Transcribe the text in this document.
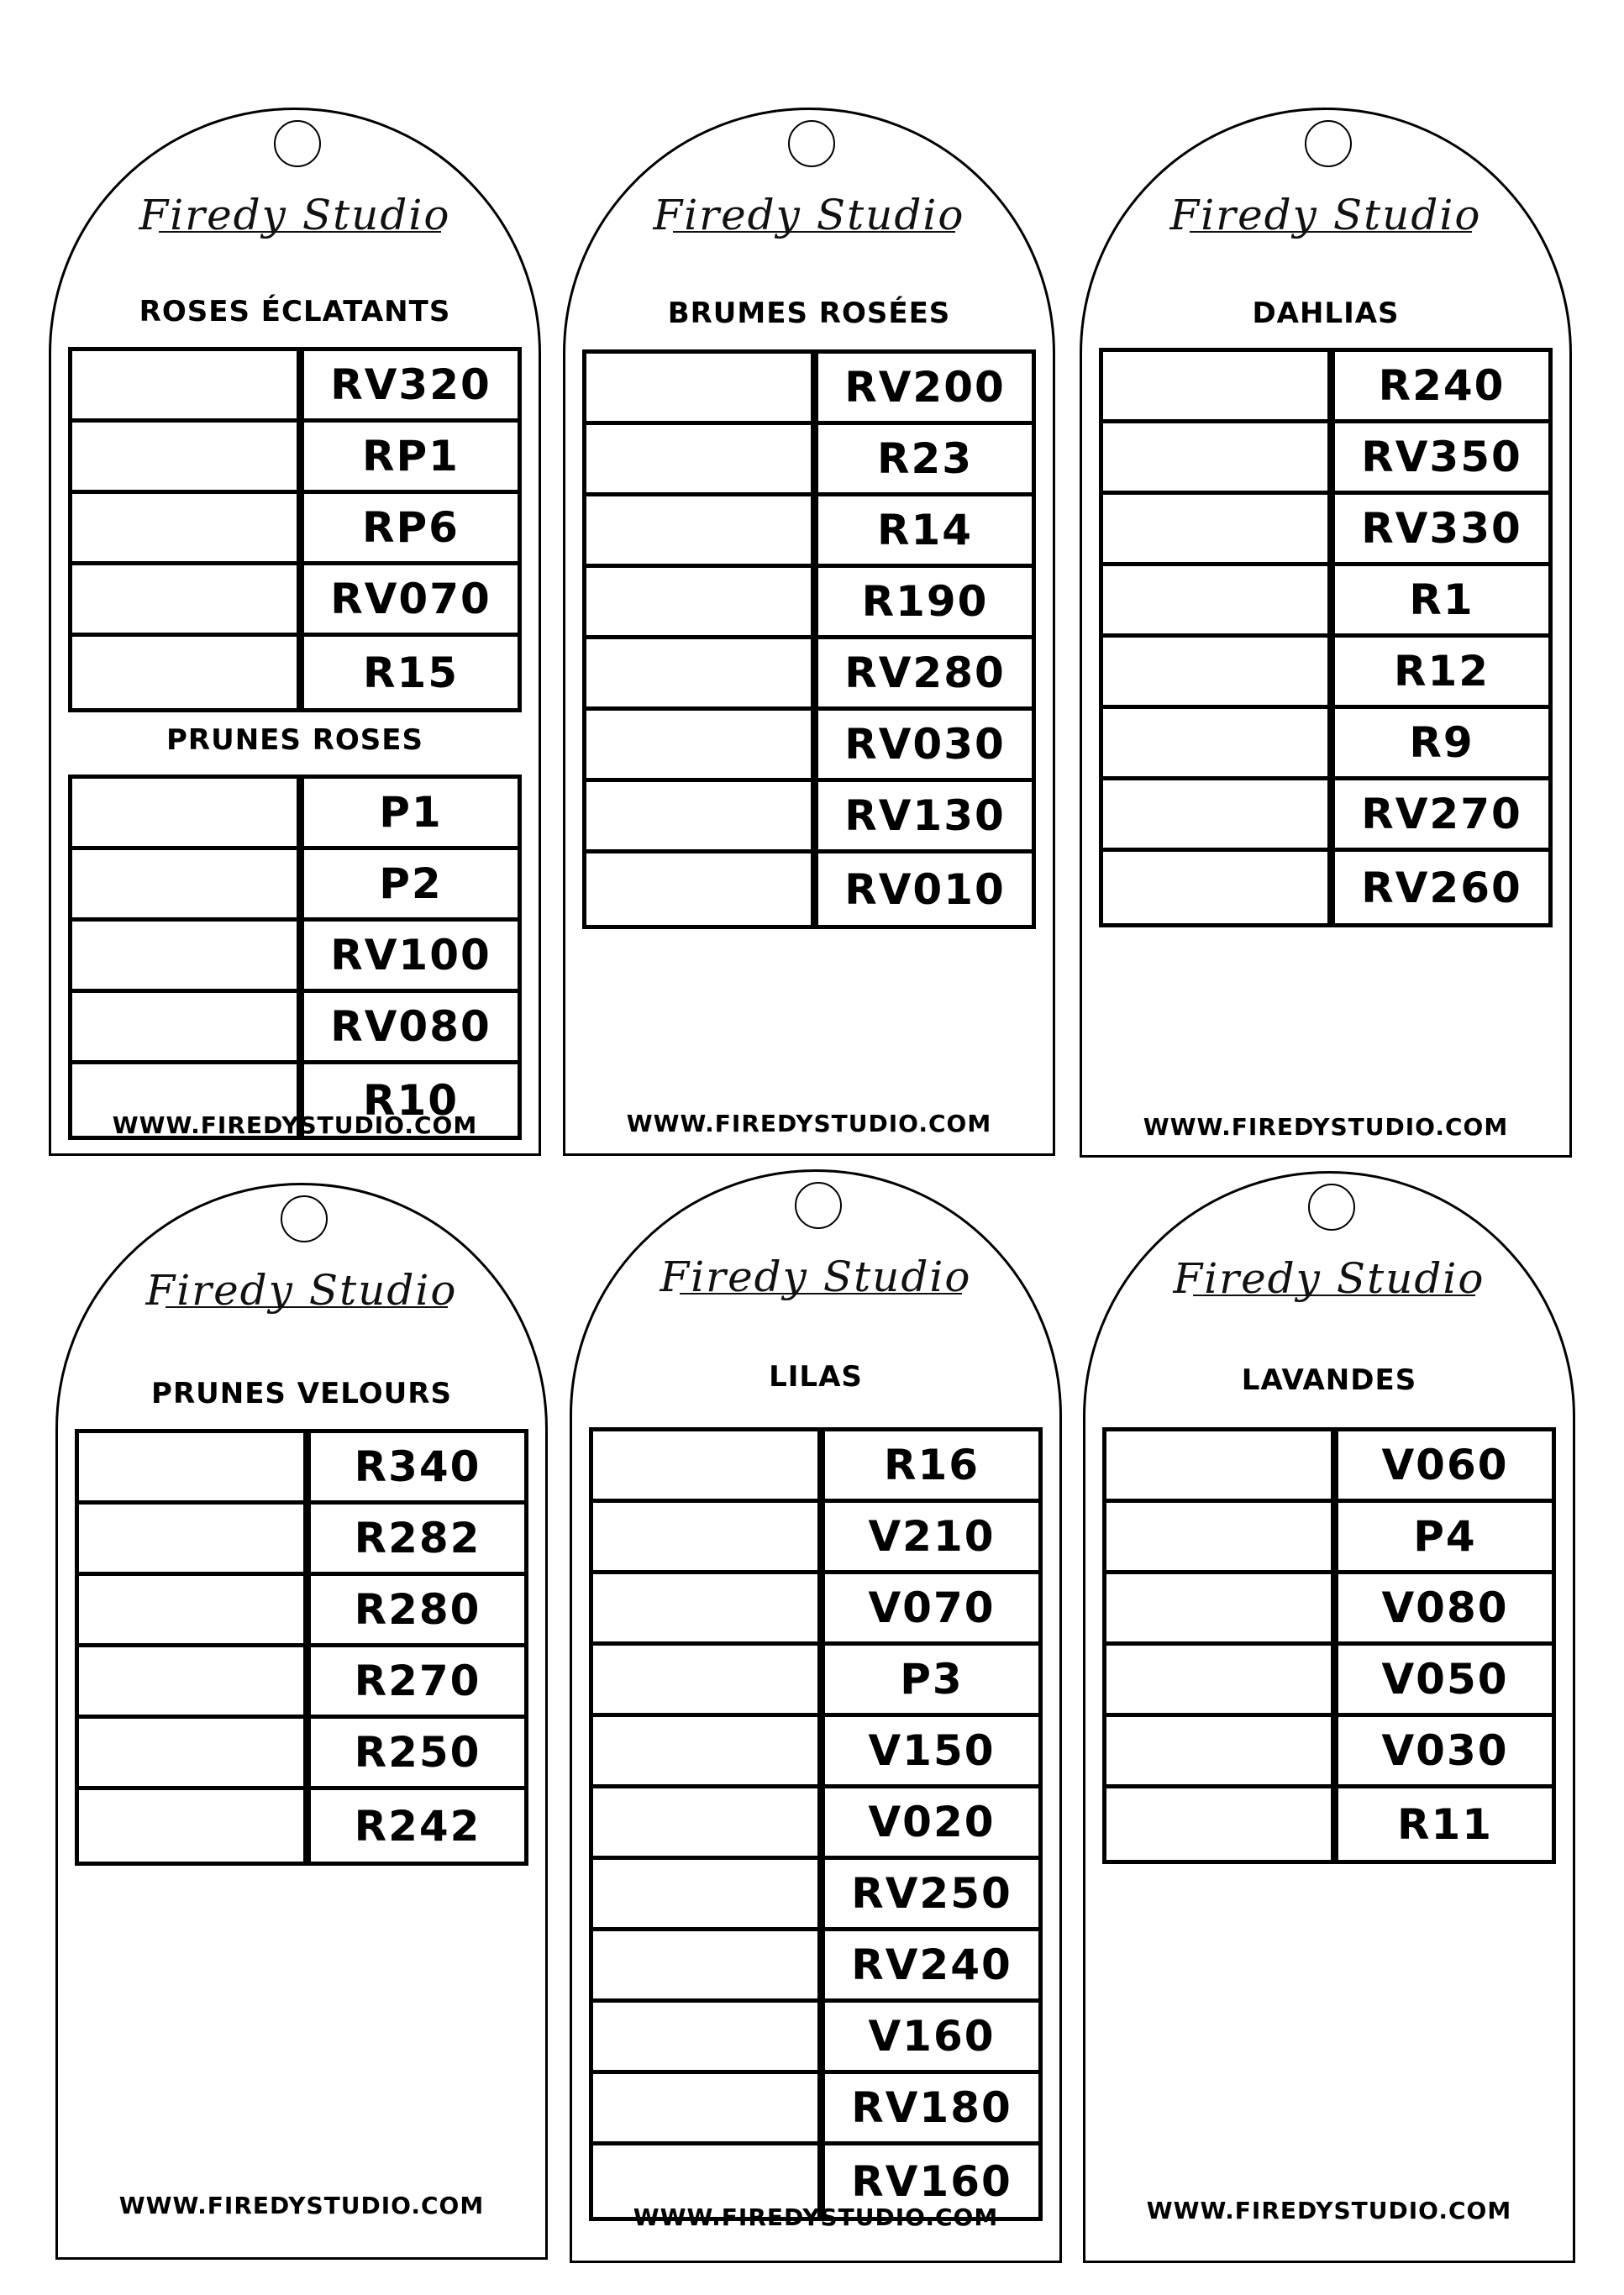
Firedy Studio
ROSES ÉCLATANTS
RV320
RP1
RP6
RV070
R15
PRUNES ROSES
P1
P2
RV100
RV080
R10
WWW.FIREDYSTUDIO.COM
Firedy Studio
BRUMES ROSÉES
RV200
R23
R14
R190
RV280
RV030
RV130
RV010
WWW.FIREDYSTUDIO.COM
Firedy Studio
DAHLIAS
R240
RV350
RV330
R1
R12
R9
RV270
RV260
WWW.FIREDYSTUDIO.COM
Firedy Studio
PRUNES VELOURS
R340
R282
R280
R270
R250
R242
WWW.FIREDYSTUDIO.COM
Firedy Studio
LILAS
R16
V210
V070
P3
V150
V020
RV250
RV240
V160
RV180
RV160
WWW.FIREDYSTUDIO.COM
Firedy Studio
LAVANDES
V060
P4
V080
V050
V030
R11
WWW.FIREDYSTUDIO.COM
